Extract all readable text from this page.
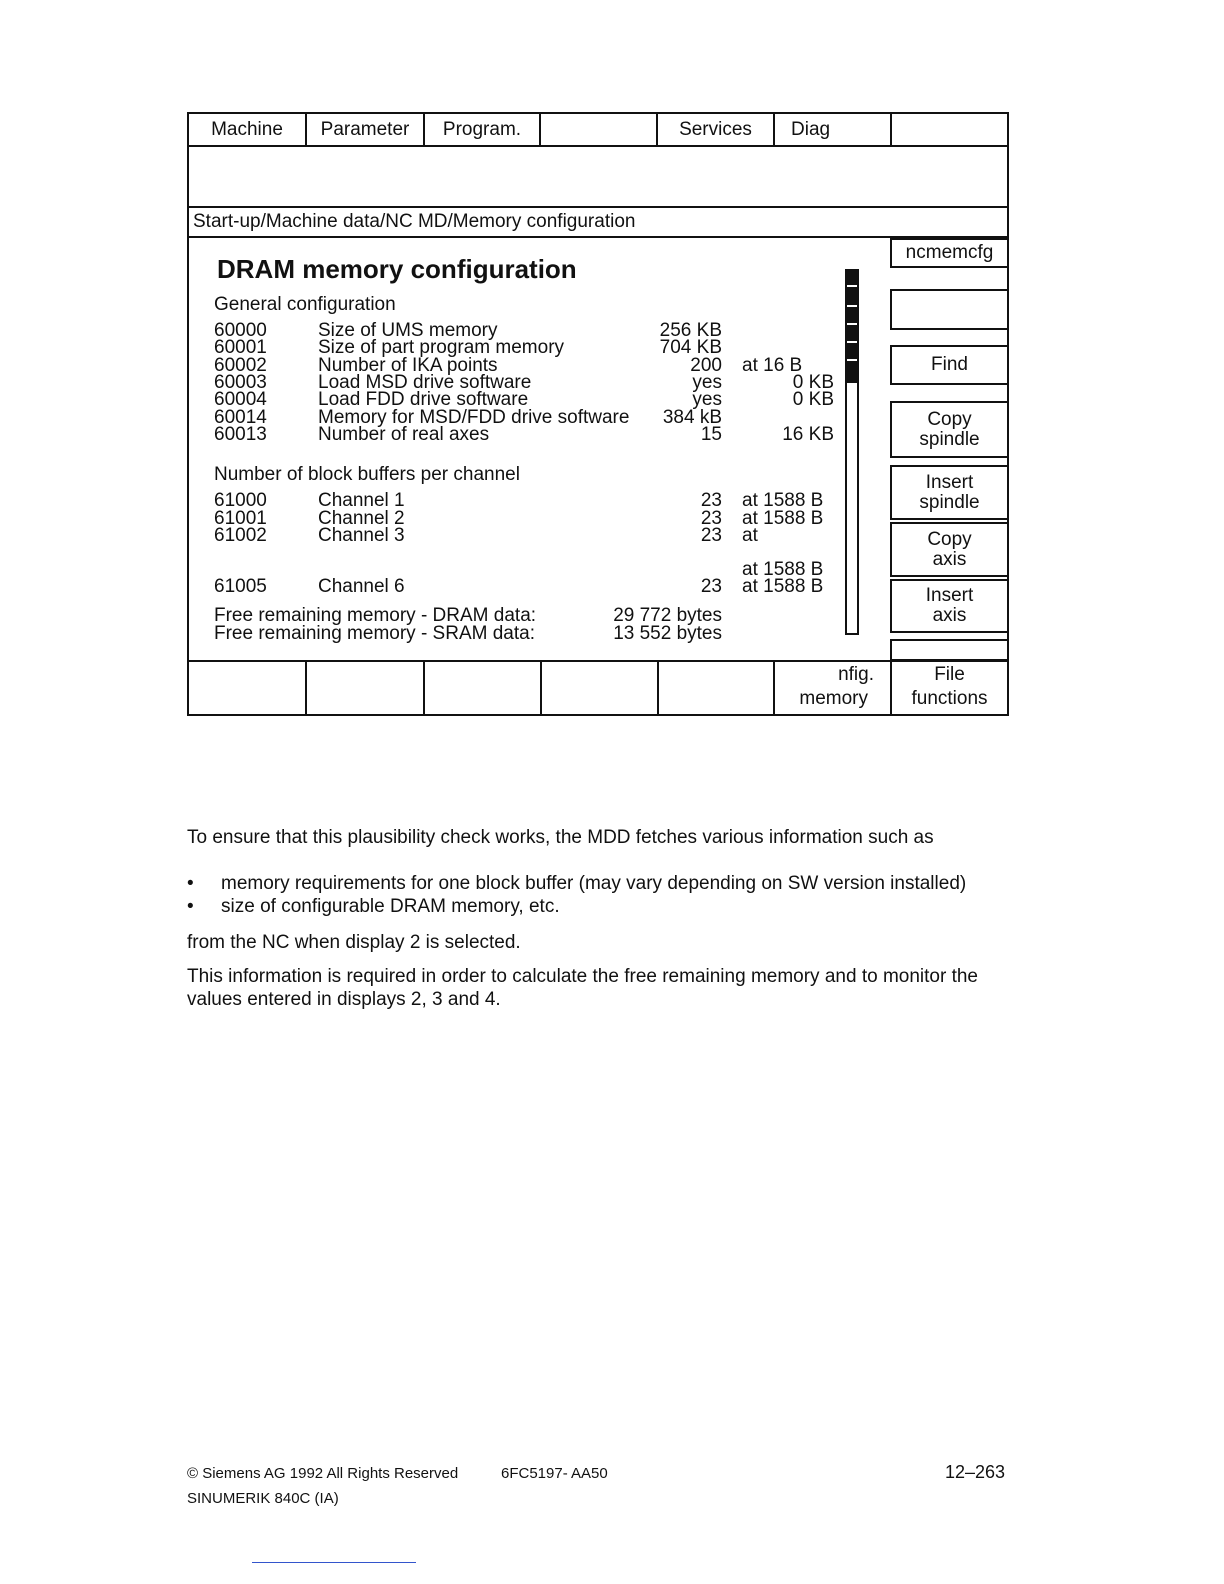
Machine	Parameter	Program.	Services	Diag
Start-up/Machine data/NC MD/Memory configuration
DRAM memory configuration
General configuration
Number of block buffers per channel
Free remaining memory - DRAM data:	29 772 bytes
Free remaining memory - SRAM data:	13 552 bytes
ncmemcfg
Find
Copy
spindle
Insert
spindle
Copy
axis
Insert
axis
nfig.
memory
File
functions
60000	Size of UMS memory	256 KB
60001	Size of part program memory	704 KB
60002	Number of IKA points	200 at 16 B
60003	Load MSD drive software	yes	0 KB
60004	Load FDD drive software	yes	0 KB
60014	Memory for MSD/FDD drive software 384 kB
60013	Number of real axes	15	16 KB
61000	Channel 1	23 at 1588 B
61001	Channel 2	23 at 1588 B
61002	Channel 3	23 at
at 1588 B
61005	Channel 6	23 at 1588 B
To ensure that this plausibility check works, the MDD fetches various information such as
• memory requirements for one block buffer (may vary depending on SW version installed)
• size of configurable DRAM memory, etc.
from the NC when display 2 is selected.
This information is required in order to calculate the free remaining memory and to monitor the
values entered in displays 2, 3 and 4.
© Siemens AG 1992 All Rights Reserved	6FC5197- AA50	12–263
SINUMERIK 840C (IA)
